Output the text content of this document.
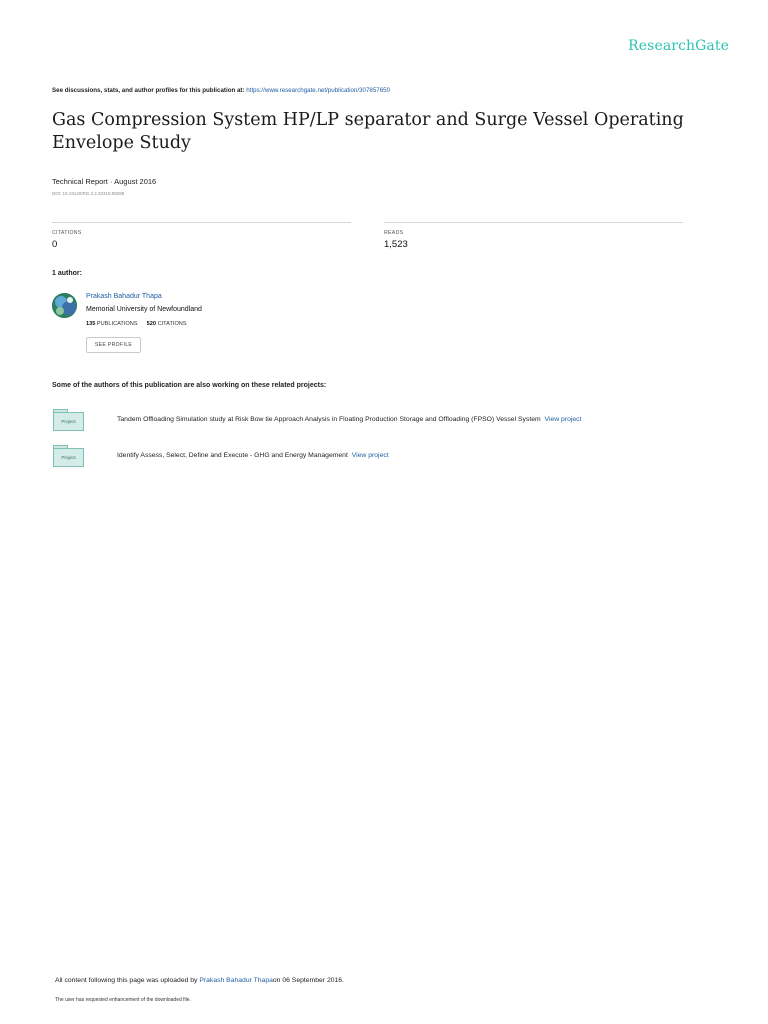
ResearchGate
See discussions, stats, and author profiles for this publication at: https://www.researchgate.net/publication/307857650
Gas Compression System HP/LP separator and Surge Vessel Operating Envelope Study
Technical Report · August 2016
DOI: 10.13140/RG.2.2.32310.09288
CITATIONS
0
READS
1,523
1 author:
Prakash Bahadur Thapa
Memorial University of Newfoundland
135 PUBLICATIONS 520 CITATIONS
SEE PROFILE
Some of the authors of this publication are also working on these related projects:
Project	Tandem Offloading Simulation study at Risk Bow tie Approach Analysis in Floating Production Storage and Offloading (FPSO) Vessel System View project
Project	Identify Assess, Select, Define and Execute - GHG and Energy Management View project
All content following this page was uploaded by Prakash Bahadur Thapaon 06 September 2016.
The user has requested enhancement of the downloaded file.
